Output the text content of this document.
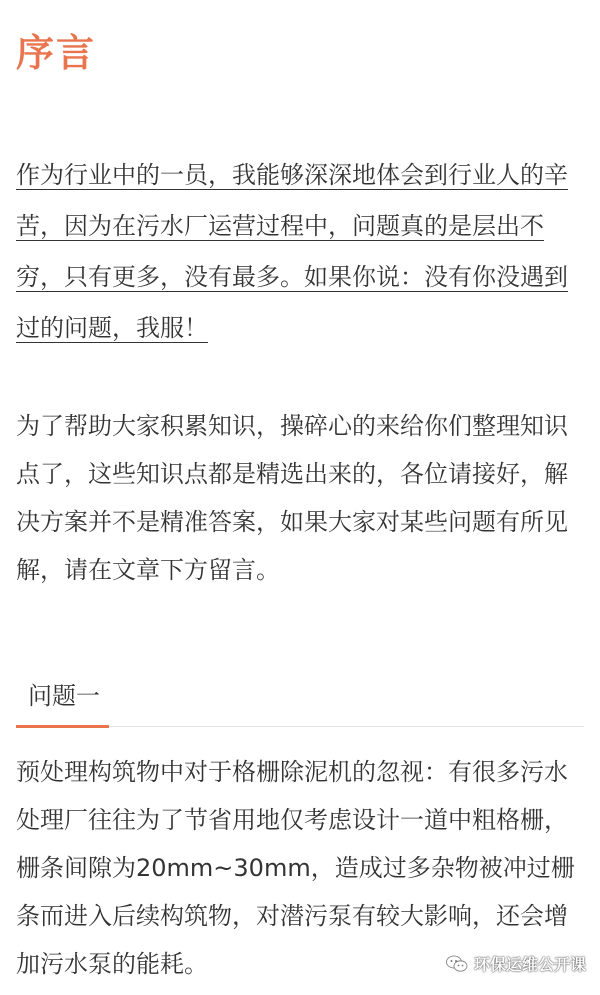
序言
作为行业中的一员，我能够深深地体会到行业人的辛苦，因为在污水厂运营过程中，问题真的是层出不穷，只有更多，没有最多。如果你说：没有你没遇到过的问题，我服！
为了帮助大家积累知识，操碎心的来给你们整理知识点了，这些知识点都是精选出来的，各位请接好，解决方案并不是精准答案，如果大家对某些问题有所见解，请在文章下方留言。
问题一
预处理构筑物中对于格栅除泥机的忽视：有很多污水处理厂往往为了节省用地仅考虑设计一道中粗格栅，栅条间隙为20mm~30mm，造成过多杂物被冲过栅条而进入后续构筑物，对潜污泵有较大影响，还会增加污水泵的能耗。	环保运维公开课
